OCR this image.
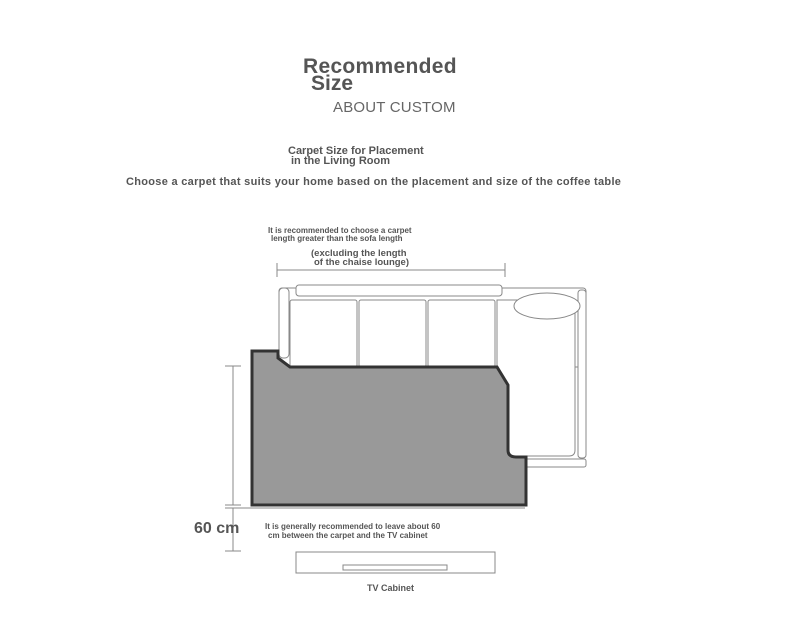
Recommended
Size
ABOUT CUSTOM
Carpet Size for Placement
in the Living Room
Choose a carpet that suits your home based on the placement and size of the coffee table
It is recommended to choose a carpet
length greater than the sofa length
(excluding the length
of the chaise lounge)
60 cm	It is generally recommended to leave about 60
cm between the carpet and the TV cabinet
TV Cabinet
